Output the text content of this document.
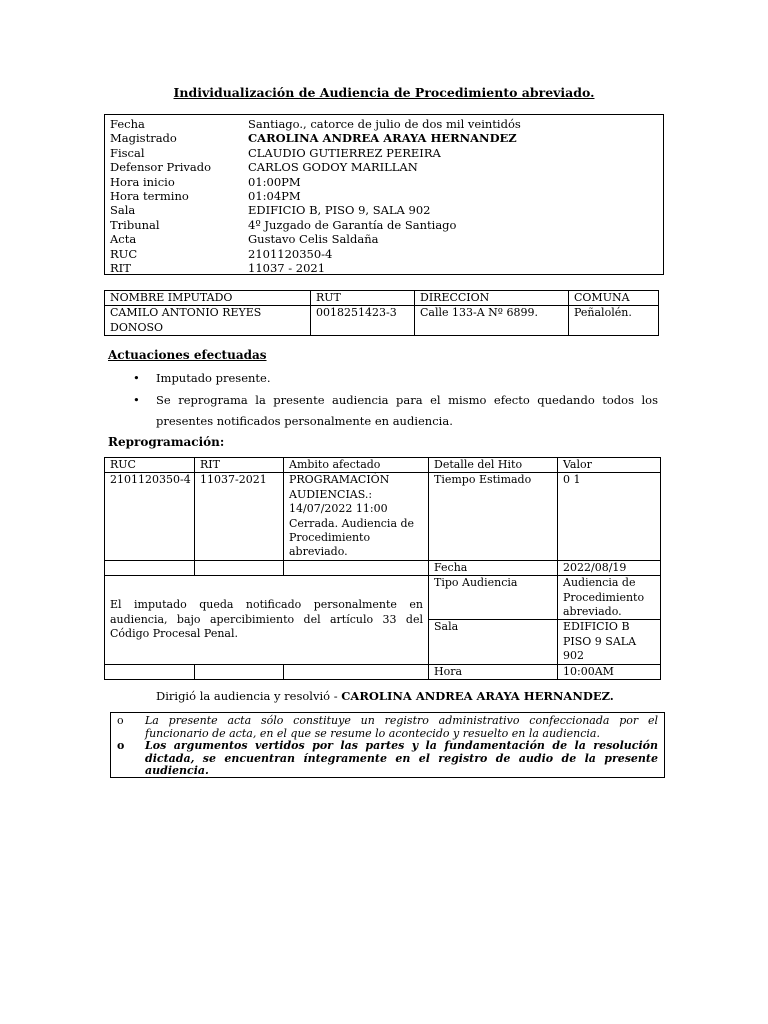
Individualización de Audiencia de Procedimiento abreviado.
Fecha	Santiago., catorce de julio de dos mil veintidós
Magistrado	CAROLINA ANDREA ARAYA HERNANDEZ
Fiscal	CLAUDIO GUTIERREZ PEREIRA
Defensor Privado	CARLOS GODOY MARILLAN
Hora inicio	01:00PM
Hora termino	01:04PM
Sala	EDIFICIO B, PISO 9, SALA 902
Tribunal	4º Juzgado de Garantía de Santiago
Acta	Gustavo Celis Saldaña
RUC	2101120350-4
RIT	11037 - 2021
NOMBRE IMPUTADO	RUT	DIRECCION	COMUNA
CAMILO ANTONIO REYES DONOSO	0018251423-3	Calle 133-A Nº 6899.	Peñalolén.
Actuaciones efectuadas
• Imputado presente.
•	Se reprograma la presente audiencia para el mismo efecto quedando todos los presentes notificados personalmente en audiencia.
Reprogramación:
RUC	RIT	Ambito afectado	Detalle del Hito	Valor
2101120350-4	11037-2021	PROGRAMACIÓN AUDIENCIAS.: 14/07/2022 11:00 Cerrada. Audiencia de Procedimiento abreviado.	Tiempo Estimado	0 1
			Fecha	2022/08/19
El imputado queda notificado personalmente en audiencia, bajo apercibimiento del artículo 33 del Código Procesal Penal.			Tipo Audiencia	Audiencia de Procedimiento abreviado.
			Sala	EDIFICIO B PISO 9 SALA 902
			Hora	10:00AM
Dirigió la audiencia y resolvió - CAROLINA ANDREA ARAYA HERNANDEZ.
o La presente acta sólo constituye un registro administrativo confeccionada por el funcionario de acta, en el que se resume lo acontecido y resuelto en la audiencia.
o Los argumentos vertidos por las partes y la fundamentación de la resolución dictada, se encuentran íntegramente en el registro de audio de la presente audiencia.
